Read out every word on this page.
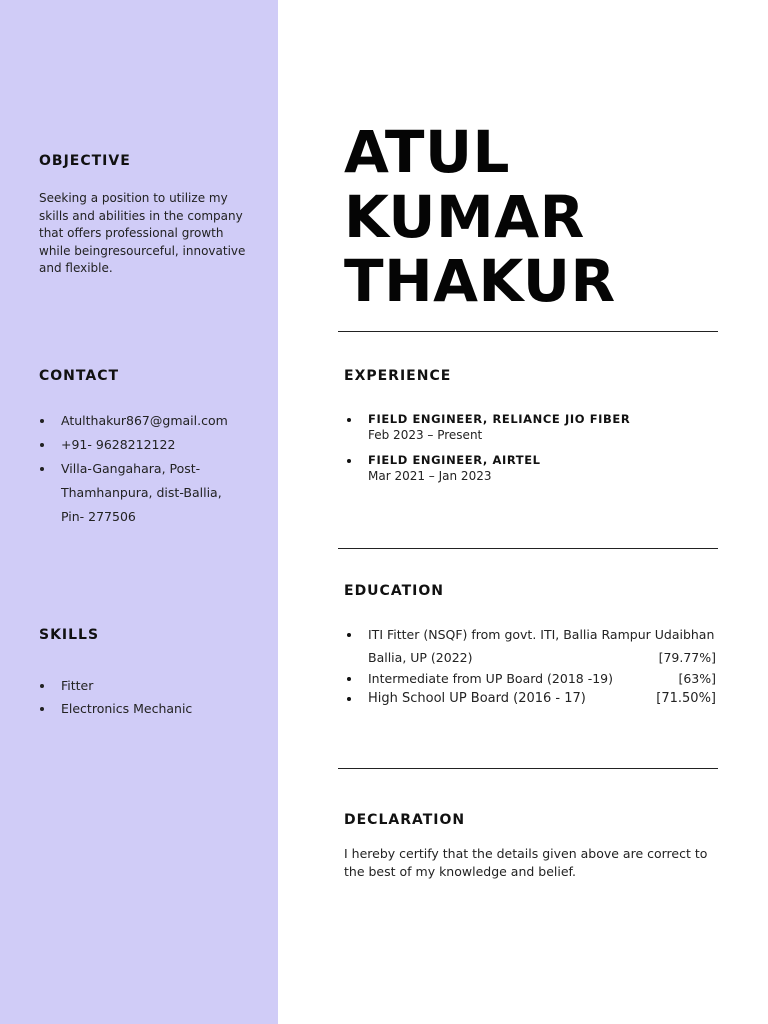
OBJECTIVE

Seeking a position to utilize my skills and abilities in the company that offers professional growth while beingresourceful, innovative and flexible.

CONTACT
Atulthakur867@gmail.com
+91- 9628212122
Villa-Gangahara, Post-
Thamhanpura, dist-Ballia,
Pin- 277506
SKILLS
Fitter
Electronics Mechanic
ATUL
KUMAR
THAKUR
EXPERIENCE
FIELD ENGINEER, RELIANCE JIO FIBER
Feb 2023 – Present
FIELD ENGINEER, AIRTEL
Mar 2021 – Jan 2023
EDUCATION
ITI Fitter (NSQF) from govt. ITI, Ballia Rampur Udaibhan
Ballia, UP (2022)	[79.77%]
Intermediate from UP Board (2018 -19)	[63%]
High School UP Board (2016 - 17)	[71.50%]
DECLARATION

I hereby certify that the details given above are correct to the best of my knowledge and belief.
